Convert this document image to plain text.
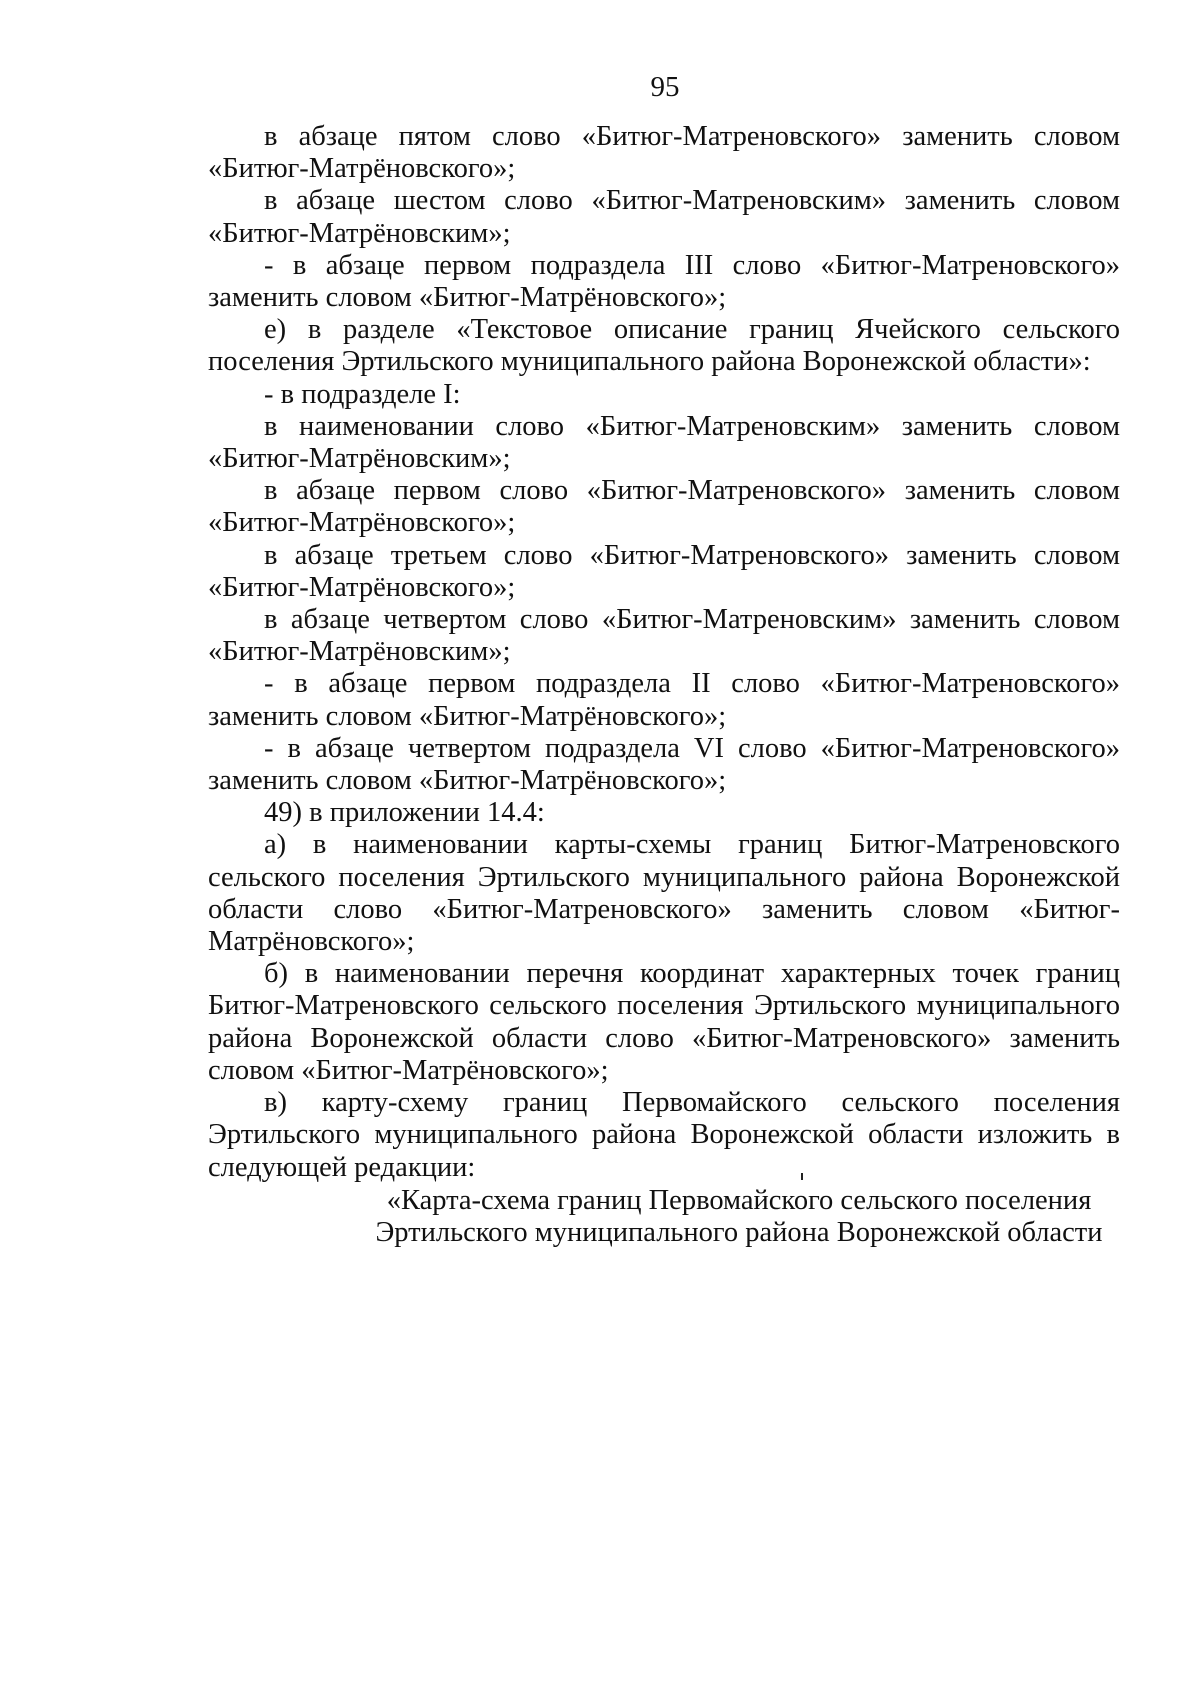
95

в абзаце пятом слово «Битюг-Матреновского» заменить словом «Битюг-Матрёновского»;

в абзаце шестом слово «Битюг-Матреновским» заменить словом «Битюг-Матрёновским»;

- в абзаце первом подраздела III слово «Битюг-Матреновского» заменить словом «Битюг-Матрёновского»;

е) в разделе «Текстовое описание границ Ячейского сельского поселения Эртильского муниципального района Воронежской области»:

- в подразделе I:

в наименовании слово «Битюг-Матреновским» заменить словом «Битюг-Матрёновским»;

в абзаце первом слово «Битюг-Матреновского» заменить словом «Битюг-Матрёновского»;

в абзаце третьем слово «Битюг-Матреновского» заменить словом «Битюг-Матрёновского»;

в абзаце четвертом слово «Битюг-Матреновским» заменить словом «Битюг-Матрёновским»;

- в абзаце первом подраздела II слово «Битюг-Матреновского» заменить словом «Битюг-Матрёновского»;

- в абзаце четвертом подраздела VI слово «Битюг-Матреновского» заменить словом «Битюг-Матрёновского»;

49) в приложении 14.4:

а) в наименовании карты-схемы границ Битюг-Матреновского сельского поселения Эртильского муниципального района Воронежской области слово «Битюг-Матреновского» заменить словом «Битюг-Матрёновского»;

б) в наименовании перечня координат характерных точек границ Битюг-Матреновского сельского поселения Эртильского муниципального района Воронежской области слово «Битюг-Матреновского» заменить словом «Битюг-Матрёновского»;

в) карту-схему границ Первомайского сельского поселения Эртильского муниципального района Воронежской области изложить в следующей редакции:

«Карта-схема границ Первомайского сельского поселения

Эртильского муниципального района Воронежской области
